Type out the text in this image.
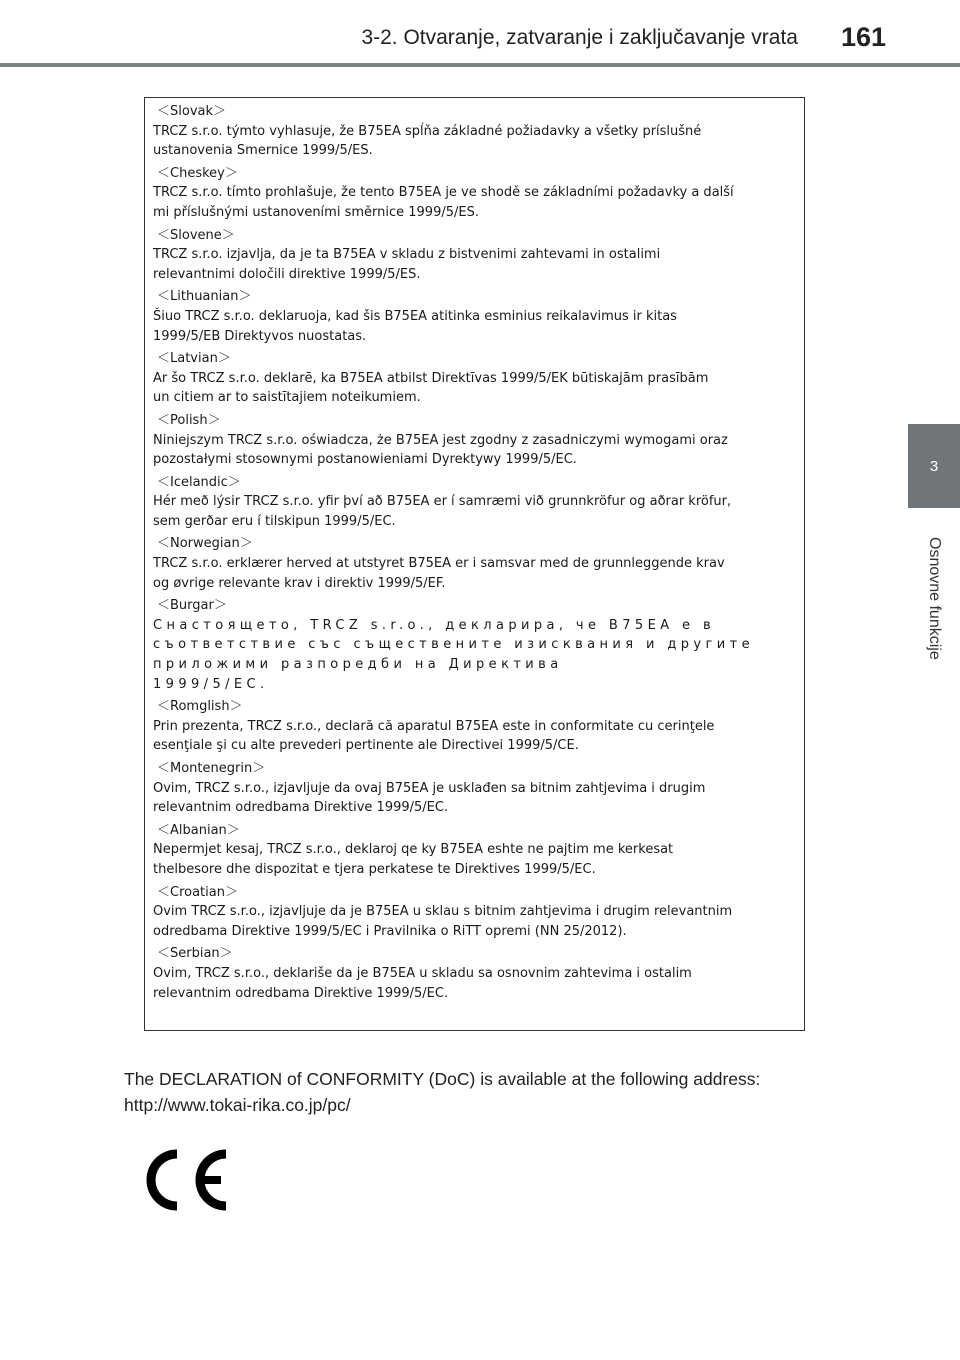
3-2. Otvaranje, zatvaranje i zaključavanje vrata	161
3
Osnovne funkcije
＜Slovak＞
TRCZ s.r.o. týmto vyhlasuje, že B75EA spĺňa základné požiadavky a všetky príslušné
ustanovenia Smernice 1999/5/ES.
＜Cheskey＞
TRCZ s.r.o. tímto prohlašuje, že tento B75EA je ve shodě se základními požadavky a další
mi příslušnými ustanoveními směrnice 1999/5/ES.
＜Slovene＞
TRCZ s.r.o. izjavlja, da je ta B75EA v skladu z bistvenimi zahtevami in ostalimi
relevantnimi določili direktive 1999/5/ES.
＜Lithuanian＞
Šiuo TRCZ s.r.o. deklaruoja, kad šis B75EA atitinka esminius reikalavimus ir kitas
1999/5/EB Direktyvos nuostatas.
＜Latvian＞
Ar šo TRCZ s.r.o. deklarē, ka B75EA atbilst Direktīvas 1999/5/EK būtiskajām prasībām
un citiem ar to saistītajiem noteikumiem.
＜Polish＞
Niniejszym TRCZ s.r.o. oświadcza, że B75EA jest zgodny z zasadniczymi wymogami oraz
pozostałymi stosownymi postanowieniami Dyrektywy 1999/5/EC.
＜Icelandic＞
Hér með lýsir TRCZ s.r.o. yfir því að B75EA er í samræmi við grunnkröfur og aðrar kröfur,
sem gerðar eru í tilskipun 1999/5/EC.
＜Norwegian＞
TRCZ s.r.o. erklærer herved at utstyret B75EA er i samsvar med de grunnleggende krav
og øvrige relevante krav i direktiv 1999/5/EF.
＜Burgar＞
Снастоящето, TRCZ s.r.o., декларира, че B75EA е в съответствие със съществените изисквания и другите приложими разпоредби на Директива
1999/5/ЕС.
＜Romglish＞
Prin prezenta, TRCZ s.r.o., declară că aparatul B75EA este in conformitate cu cerinţele
esenţiale şi cu alte prevederi pertinente ale Directivei 1999/5/CE.
＜Montenegrin＞
Ovim, TRCZ s.r.o., izjavljuje da ovaj B75EA je usklađen sa bitnim zahtjevima i drugim
relevantnim odredbama Direktive 1999/5/EC.
＜Albanian＞
Nepermjet kesaj, TRCZ s.r.o., deklaroj qe ky B75EA eshte ne pajtim me kerkesat
thelbesore dhe dispozitat e tjera perkatese te Direktives 1999/5/EC.
＜Croatian＞
Ovim TRCZ s.r.o., izjavljuje da je B75EA u sklau s bitnim zahtjevima i drugim relevantnim
odredbama Direktive 1999/5/EC i Pravilnika o RiTT opremi (NN 25/2012).
＜Serbian＞
Ovim, TRCZ s.r.o., deklariše da je B75EA u skladu sa osnovnim zahtevima i ostalim
relevantnim odredbama Direktive 1999/5/EC.
The DECLARATION of CONFORMITY (DoC) is available at the following address:
http://www.tokai-rika.co.jp/pc/
